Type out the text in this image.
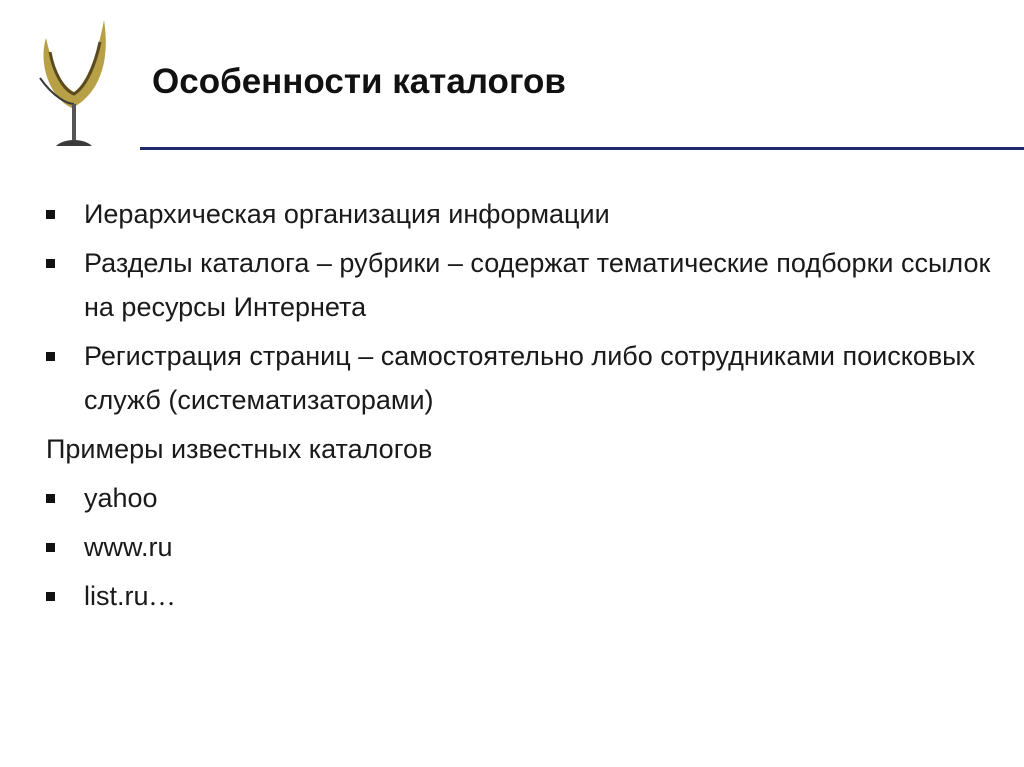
Особенности каталогов
Иерархическая организация информации
Разделы каталога – рубрики – содержат тематические подборки ссылок на ресурсы Интернета
Регистрация страниц – самостоятельно либо сотрудниками поисковых служб (систематизаторами)
Примеры известных каталогов
yahoo
www.ru
list.ru…
